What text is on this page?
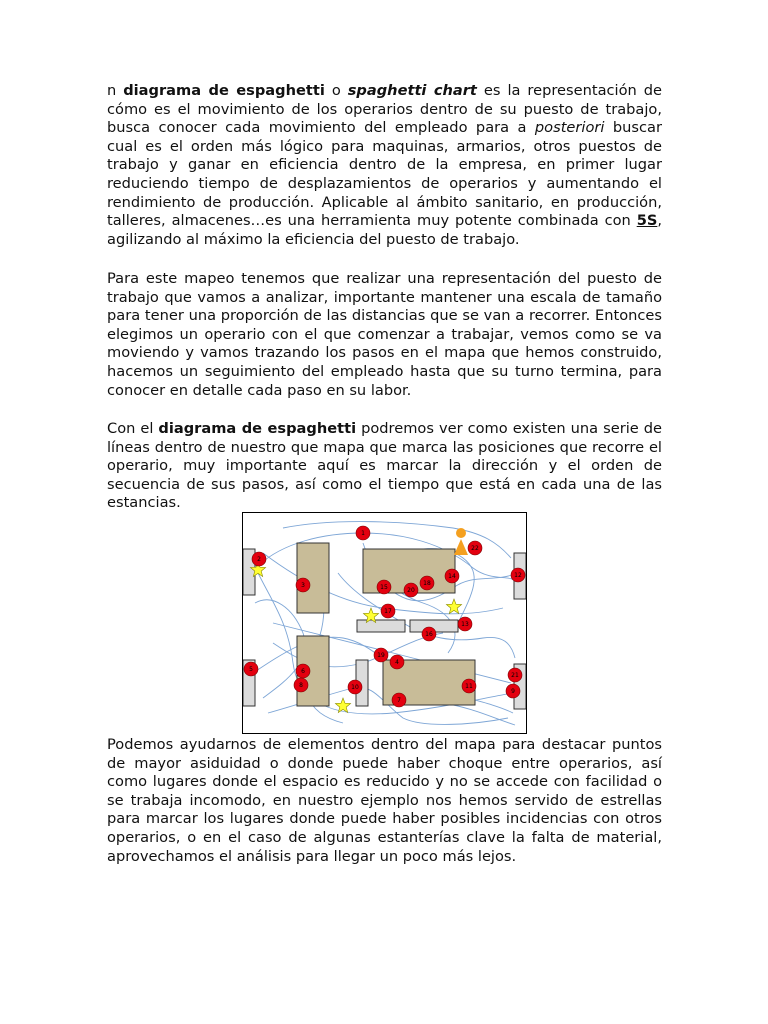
n diagrama de espaghetti o spaghetti chart es la representación de cómo es el movimiento de los operarios dentro de su puesto de trabajo, busca conocer cada movimiento del empleado para a posteriori buscar cual es el orden más lógico para maquinas, armarios, otros puestos de trabajo y ganar en eficiencia dentro de la empresa, en primer lugar reduciendo tiempo de desplazamientos de operarios y aumentando el rendimiento de producción. Aplicable al ámbito sanitario, en producción, talleres, almacenes…es una herramienta muy potente combinada con 5S, agilizando al máximo la eficiencia del puesto de trabajo.

Para este mapeo tenemos que realizar una representación del puesto de trabajo que vamos a analizar, importante mantener una escala de tamaño para tener una proporción de las distancias que se van a recorrer. Entonces elegimos un operario con el que comenzar a trabajar, vemos como se va moviendo y vamos trazando los pasos en el mapa que hemos construido, hacemos un seguimiento del empleado hasta que su turno termina, para conocer en detalle cada paso en su labor.

Con el diagrama de espaghetti podremos ver como existen una serie de líneas dentro de nuestro que mapa que marca las posiciones que recorre el operario, muy importante aquí es marcar la dirección y el orden de secuencia de sus pasos, así como el tiempo que está en cada una de las estancias.

1
2
3
4
5	6
7
8
9
10	11
12
13
14
15
16
17
18
19
20
21
22

Podemos ayudarnos de elementos dentro del mapa para destacar puntos de mayor asiduidad o donde puede haber choque entre operarios, así como lugares donde el espacio es reducido y no se accede con facilidad o se trabaja incomodo, en nuestro ejemplo nos hemos servido de estrellas para marcar los lugares donde puede haber posibles incidencias con otros operarios, o en el caso de algunas estanterías clave la falta de material, aprovechamos el análisis para llegar un poco más lejos.
